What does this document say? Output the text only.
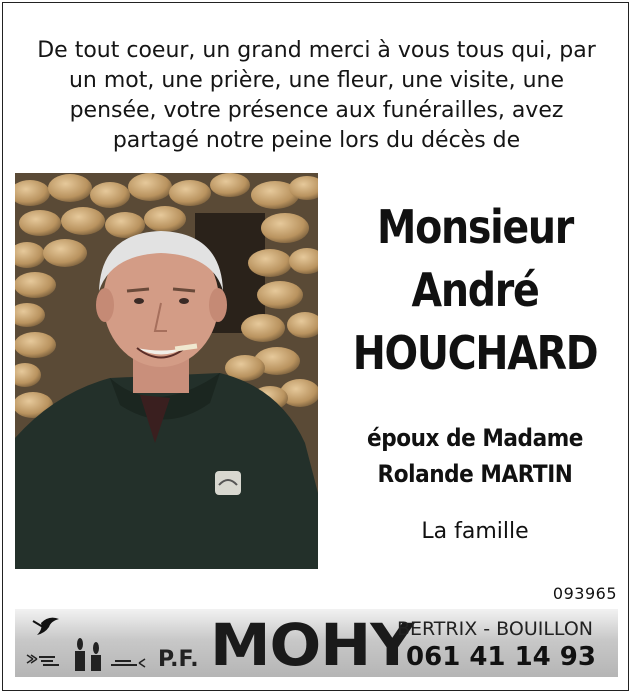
De tout coeur, un grand merci à vous tous qui, par
un mot, une prière, une fleur, une visite, une
pensée, votre présence aux funérailles, avez
partagé notre peine lors du décès de
Monsieur
André
HOUCHARD
époux de Madame
Rolande MARTIN
La famille
093965
P.F. MOHY
BERTRIX - BOUILLON
061 41 14 93
